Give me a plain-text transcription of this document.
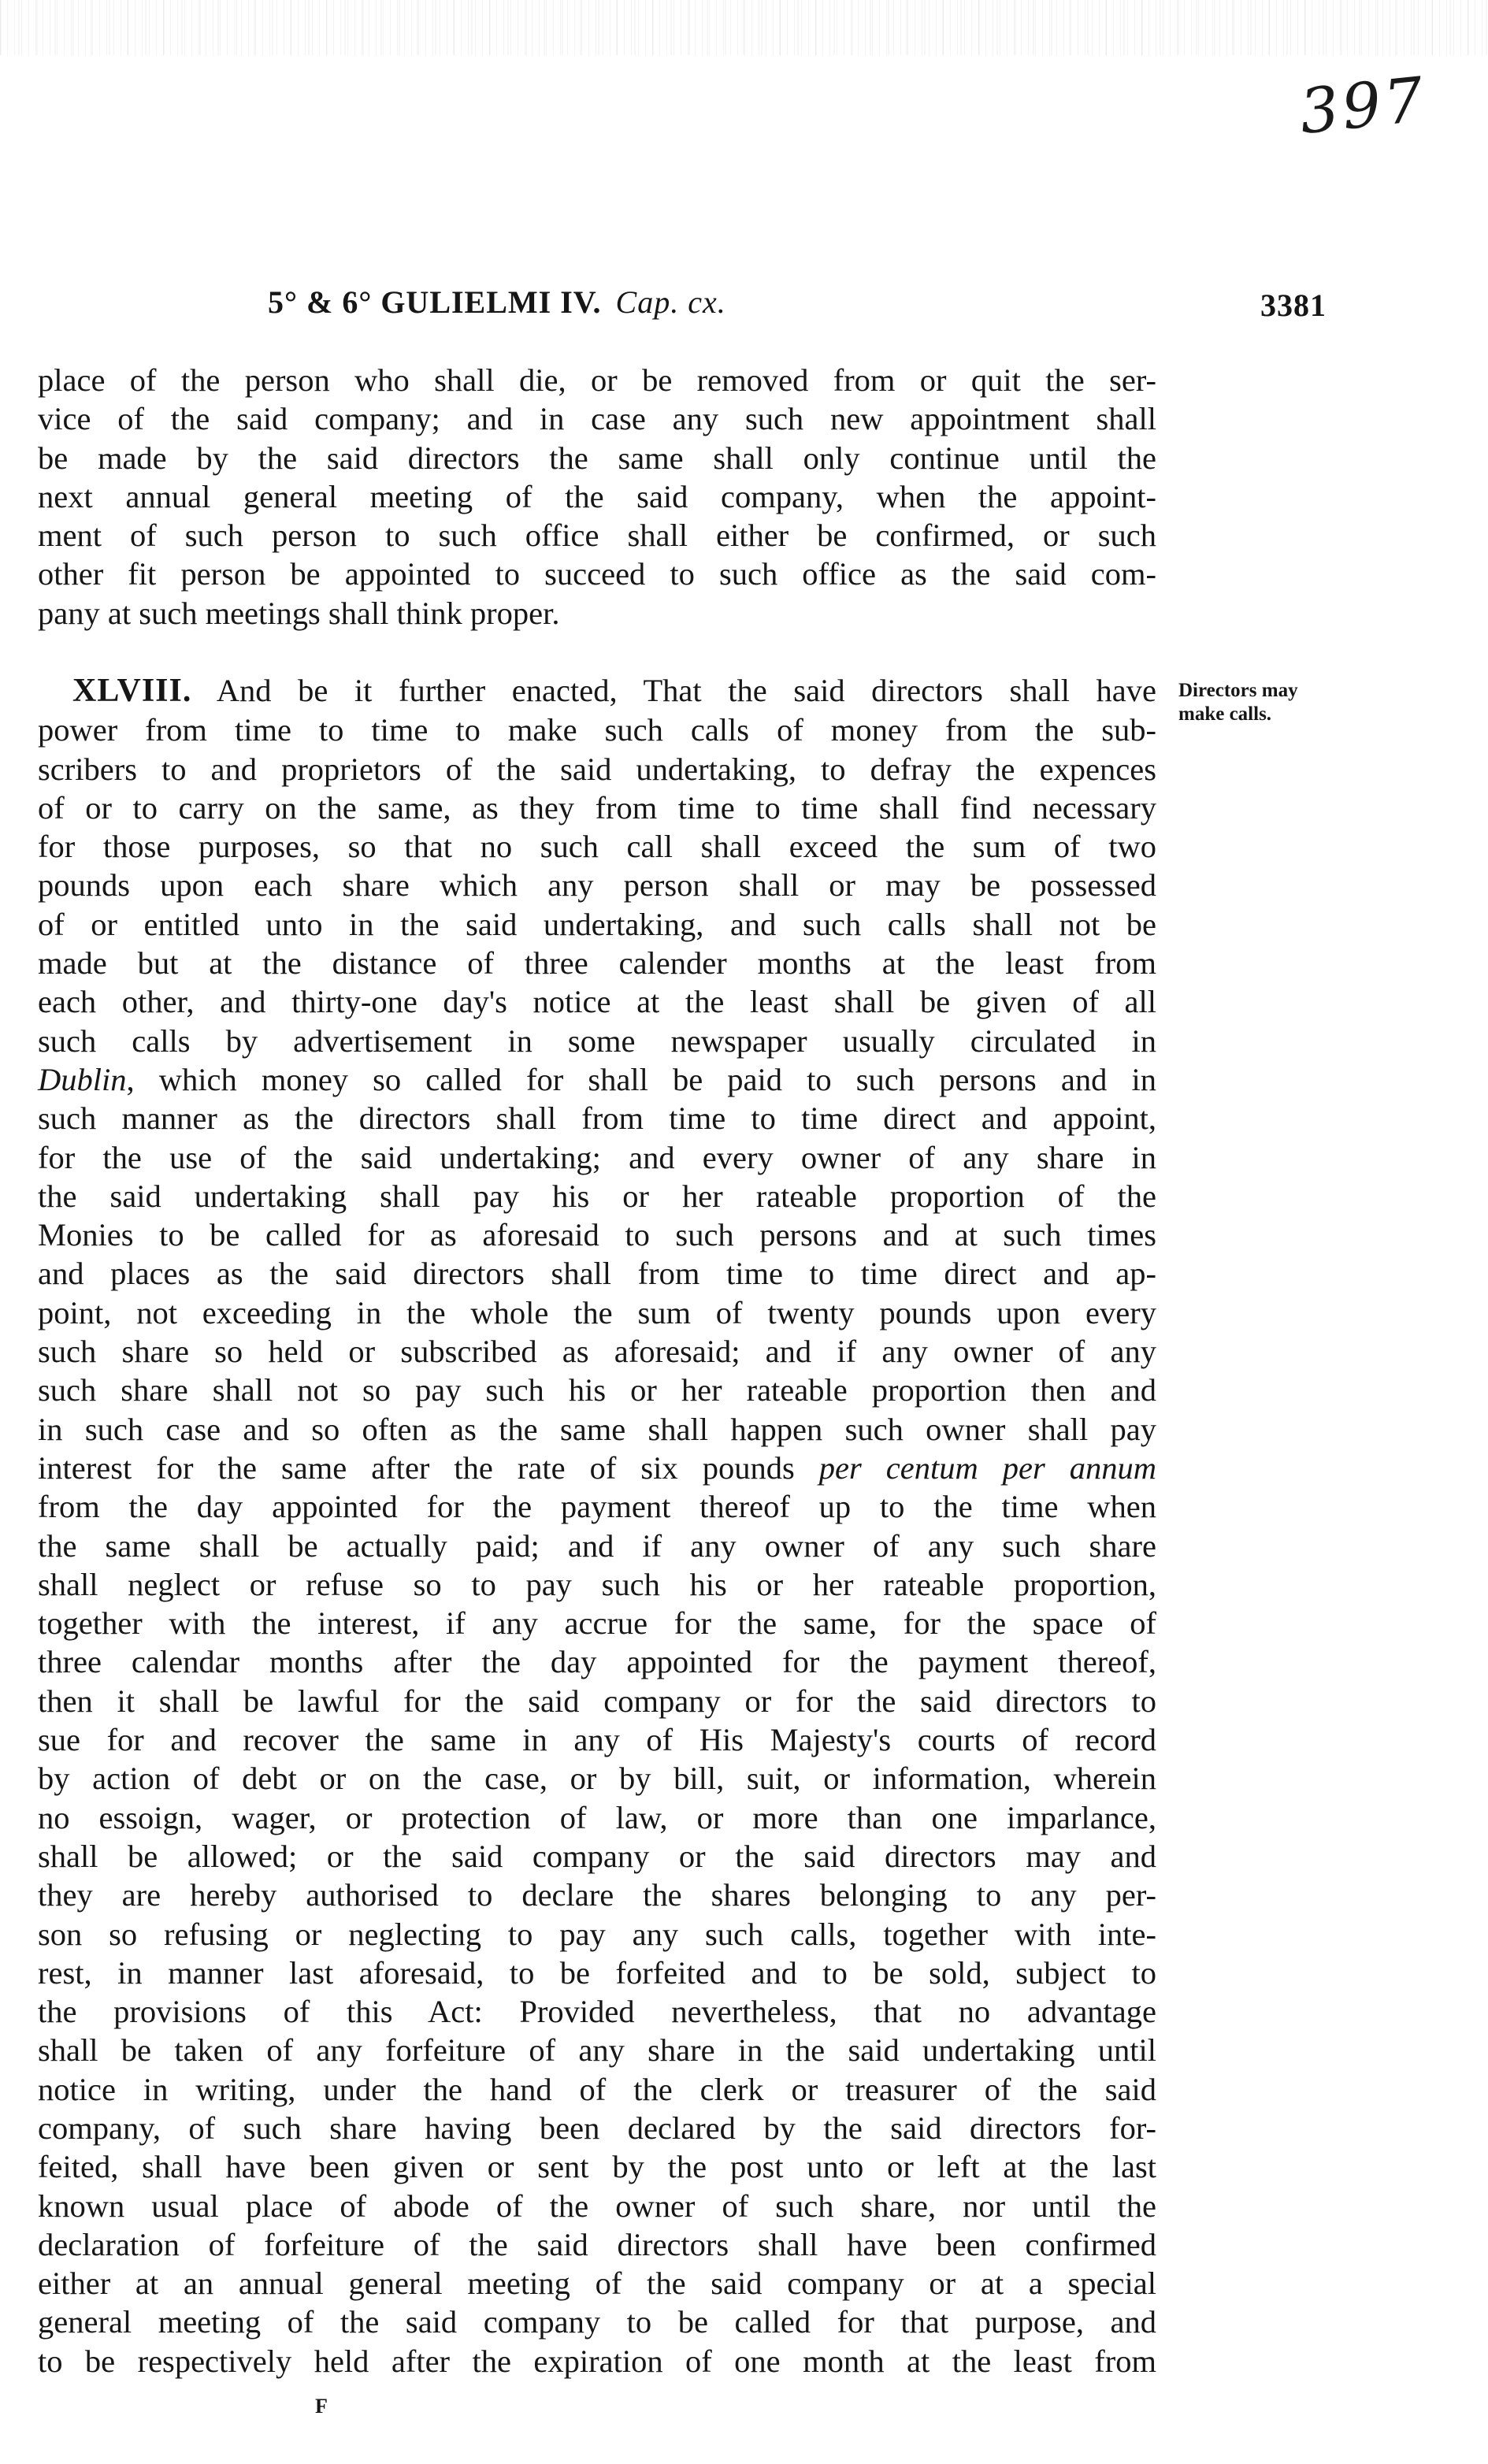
397
5° & 6° GULIELMI IV. Cap. cx.	3381
place of the person who shall die, or be removed from or quit the ser-
vice of the said company; and in case any such new appointment shall
be made by the said directors the same shall only continue until the
next annual general meeting of the said company, when the appoint-
ment of such person to such office shall either be confirmed, or such
other fit person be appointed to succeed to such office as the said com-
pany at such meetings shall think proper.
XLVIII. And be it further enacted, That the said directors shall have
power from time to time to make such calls of money from the sub-
scribers to and proprietors of the said undertaking, to defray the expences
of or to carry on the same, as they from time to time shall find necessary
for those purposes, so that no such call shall exceed the sum of two
pounds upon each share which any person shall or may be possessed
of or entitled unto in the said undertaking, and such calls shall not be
made but at the distance of three calender months at the least from
each other, and thirty-one day's notice at the least shall be given of all
such calls by advertisement in some newspaper usually circulated in
Dublin, which money so called for shall be paid to such persons and in
such manner as the directors shall from time to time direct and appoint,
for the use of the said undertaking; and every owner of any share in
the said undertaking shall pay his or her rateable proportion of the
Monies to be called for as aforesaid to such persons and at such times
and places as the said directors shall from time to time direct and ap-
point, not exceeding in the whole the sum of twenty pounds upon every
such share so held or subscribed as aforesaid; and if any owner of any
such share shall not so pay such his or her rateable proportion then and
in such case and so often as the same shall happen such owner shall pay
interest for the same after the rate of six pounds per centum per annum
from the day appointed for the payment thereof up to the time when
the same shall be actually paid; and if any owner of any such share
shall neglect or refuse so to pay such his or her rateable proportion,
together with the interest, if any accrue for the same, for the space of
three calendar months after the day appointed for the payment thereof,
then it shall be lawful for the said company or for the said directors to
sue for and recover the same in any of His Majesty's courts of record
by action of debt or on the case, or by bill, suit, or information, wherein
no essoign, wager, or protection of law, or more than one imparlance,
shall be allowed; or the said company or the said directors may and
they are hereby authorised to declare the shares belonging to any per-
son so refusing or neglecting to pay any such calls, together with inte-
rest, in manner last aforesaid, to be forfeited and to be sold, subject to
the provisions of this Act: Provided nevertheless, that no advantage
shall be taken of any forfeiture of any share in the said undertaking until
notice in writing, under the hand of the clerk or treasurer of the said
company, of such share having been declared by the said directors for-
feited, shall have been given or sent by the post unto or left at the last
known usual place of abode of the owner of such share, nor until the
declaration of forfeiture of the said directors shall have been confirmed
either at an annual general meeting of the said company or at a special
general meeting of the said company to be called for that purpose, and
to be respectively held after the expiration of one month at the least from
Directors may
make calls.
F
